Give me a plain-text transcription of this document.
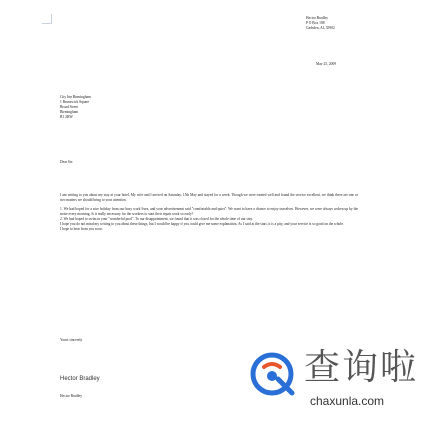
Hector Bradley
P O Box 188
Gadsden, AL 35902
May 25, 2009
City Inn Birmingham
1 Brunswick Square
Broad Street
Birmingham
B1 2HW
Dear Sir:

I am writing to you about my stay at your hotel. My wife and I arrived on Saturday, 15th May and stayed for a week. Though we were treated well and found the service excellent, we think there are one or two matters we should bring to your attention.

1. We had hoped for a nice holiday from our busy work lives, and your advertisement said "comfortable and quiet". We want to have a chance to enjoy ourselves. However, we were always woken up by the noise every morning. Is it really necessary for the workers to start their repair work so early?

2. We had hoped to swim in your "wonderful pool". To our disappointment, we found that it was closed for the whole time of our stay.

I hope you do not mind my writing to you about these things, but I would be happy if you could give me some explanation. As I said at the start, it is a pity, and your service is so good on the whole.

I hope to hear from you soon.

Yours sincerely
Hector Bradley
Hector Bradley
查询啦
chaxunla.com
